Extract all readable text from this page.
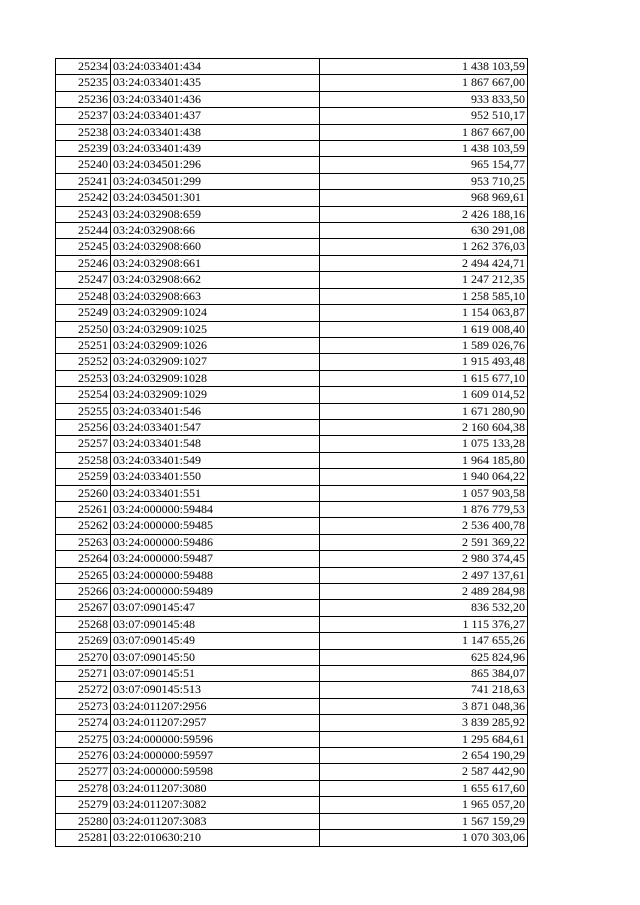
25234	03:24:033401:434	1 438 103,59
25235	03:24:033401:435	1 867 667,00
25236	03:24:033401:436	933 833,50
25237	03:24:033401:437	952 510,17
25238	03:24:033401:438	1 867 667,00
25239	03:24:033401:439	1 438 103,59
25240	03:24:034501:296	965 154,77
25241	03:24:034501:299	953 710,25
25242	03:24:034501:301	968 969,61
25243	03:24:032908:659	2 426 188,16
25244	03:24:032908:66	630 291,08
25245	03:24:032908:660	1 262 376,03
25246	03:24:032908:661	2 494 424,71
25247	03:24:032908:662	1 247 212,35
25248	03:24:032908:663	1 258 585,10
25249	03:24:032909:1024	1 154 063,87
25250	03:24:032909:1025	1 619 008,40
25251	03:24:032909:1026	1 589 026,76
25252	03:24:032909:1027	1 915 493,48
25253	03:24:032909:1028	1 615 677,10
25254	03:24:032909:1029	1 609 014,52
25255	03:24:033401:546	1 671 280,90
25256	03:24:033401:547	2 160 604,38
25257	03:24:033401:548	1 075 133,28
25258	03:24:033401:549	1 964 185,80
25259	03:24:033401:550	1 940 064,22
25260	03:24:033401:551	1 057 903,58
25261	03:24:000000:59484	1 876 779,53
25262	03:24:000000:59485	2 536 400,78
25263	03:24:000000:59486	2 591 369,22
25264	03:24:000000:59487	2 980 374,45
25265	03:24:000000:59488	2 497 137,61
25266	03:24:000000:59489	2 489 284,98
25267	03:07:090145:47	836 532,20
25268	03:07:090145:48	1 115 376,27
25269	03:07:090145:49	1 147 655,26
25270	03:07:090145:50	625 824,96
25271	03:07:090145:51	865 384,07
25272	03:07:090145:513	741 218,63
25273	03:24:011207:2956	3 871 048,36
25274	03:24:011207:2957	3 839 285,92
25275	03:24:000000:59596	1 295 684,61
25276	03:24:000000:59597	2 654 190,29
25277	03:24:000000:59598	2 587 442,90
25278	03:24:011207:3080	1 655 617,60
25279	03:24:011207:3082	1 965 057,20
25280	03:24:011207:3083	1 567 159,29
25281	03:22:010630:210	1 070 303,06
